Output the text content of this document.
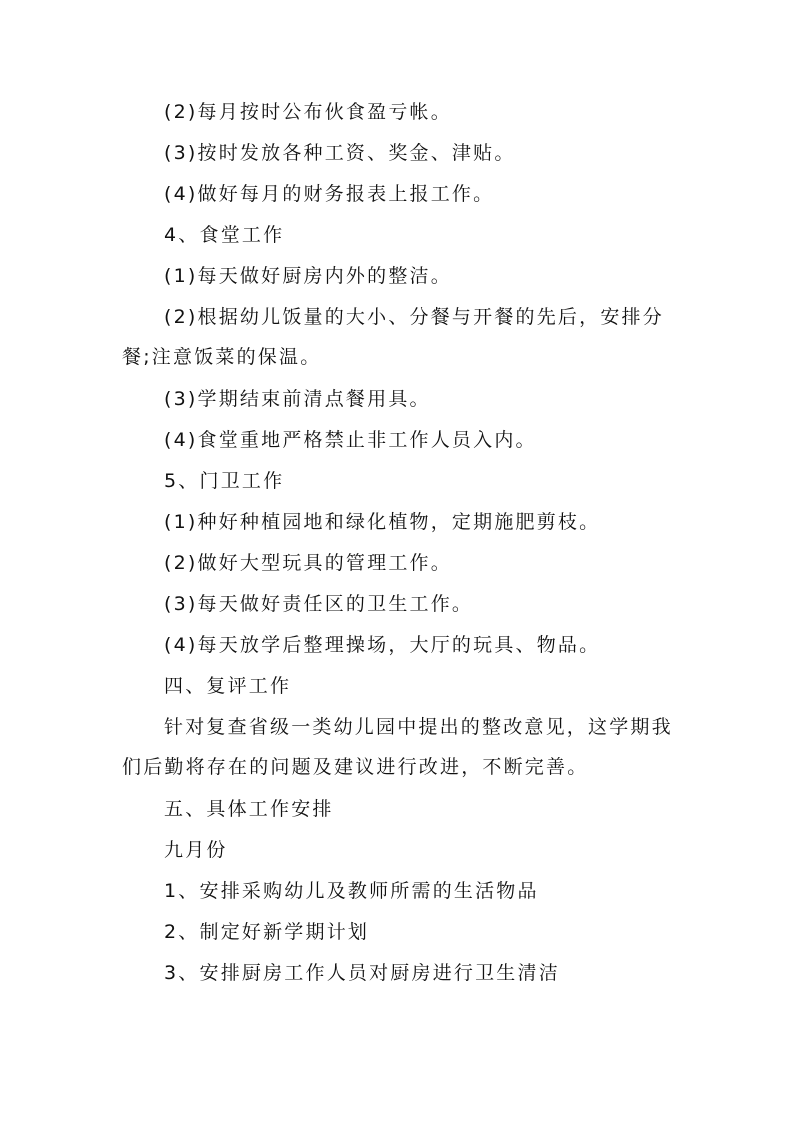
(2)每月按时公布伙食盈亏帐。

(3)按时发放各种工资、奖金、津贴。

(4)做好每月的财务报表上报工作。

4、食堂工作

(1)每天做好厨房内外的整洁。

(2)根据幼儿饭量的大小、分餐与开餐的先后，安排分餐;注意饭菜的保温。

(3)学期结束前清点餐用具。

(4)食堂重地严格禁止非工作人员入内。

5、门卫工作

(1)种好种植园地和绿化植物，定期施肥剪枝。

(2)做好大型玩具的管理工作。

(3)每天做好责任区的卫生工作。

(4)每天放学后整理操场，大厅的玩具、物品。

四、复评工作

针对复查省级一类幼儿园中提出的整改意见，这学期我们后勤将存在的问题及建议进行改进，不断完善。

五、具体工作安排

九月份

1、安排采购幼儿及教师所需的生活物品

2、制定好新学期计划

3、安排厨房工作人员对厨房进行卫生清洁
